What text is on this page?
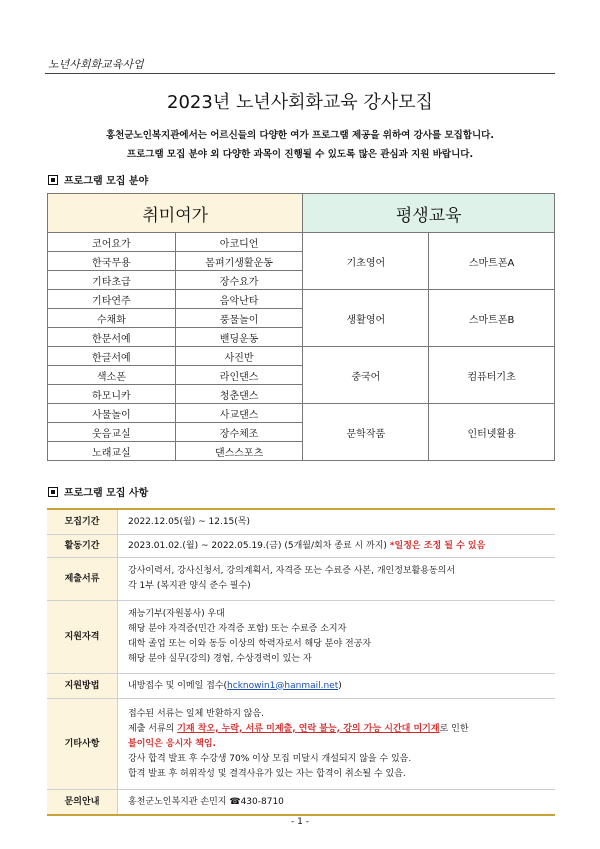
노년사회화교육사업
2023년 노년사회화교육 강사모집
홍천군노인복지관에서는 어르신들의 다양한 여가 프로그램 제공을 위하여 강사를 모집합니다.
프로그램 모집 분야 외 다양한 과목이 진행될 수 있도록 많은 관심과 지원 바랍니다.
프로그램 모집 분야
취미여가		평생교육	
코어요가	아코디언	기초영어	스마트폰A
한국무용	몸펴기생활운동		
기타초급	장수요가		
기타연주	음악난타	생활영어	스마트폰B
수채화	풍물놀이		
한문서예	밴딩운동		
한글서예	사진반	중국어	컴퓨터기초
색소폰	라인댄스		
하모니카	청춘댄스		
사물놀이	사교댄스	문학작품	인터넷활용
웃음교실	장수체조		
노래교실	댄스스포츠		
프로그램 모집 사항
모집기간	2022.12.05(월) ~ 12.15(목)
활동기간	2023.01.02.(월) ~ 2022.05.19.(금) (5개월/회차 종료 시 까지) *일정은 조정 될 수 있음
제출서류	강사이력서, 강사신청서, 강의계획서, 자격증 또는 수료증 사본, 개인정보활용동의서
각 1부 (복지관 양식 준수 필수)

지원자격	재능기부(자원봉사) 우대
해당 분야 자격증(민간 자격증 포함) 또는 수료증 소지자
대학 졸업 또는 이와 동등 이상의 학력자로서 해당 분야 전공자
해당 분야 실무(강의) 경험, 수상경력이 있는 자

지원방법	내방접수 및 이메일 접수(hcknowin1@hanmail.net)
기타사항	접수된 서류는 일체 반환하지 않음.
제출 서류의 기재 착오, 누락, 서류 미제출, 연락 불능, 강의 가능 시간대 미기재로 인한
불이익은 응시자 책임.
강사 합격 발표 후 수강생 70% 이상 모집 미달시 개설되지 않을 수 있음.
합격 발표 후 허위작성 및 결격사유가 있는 자는 합격이 취소될 수 있음.

문의안내	홍천군노인복지관 손민지 ☎430-8710
- 1 -
